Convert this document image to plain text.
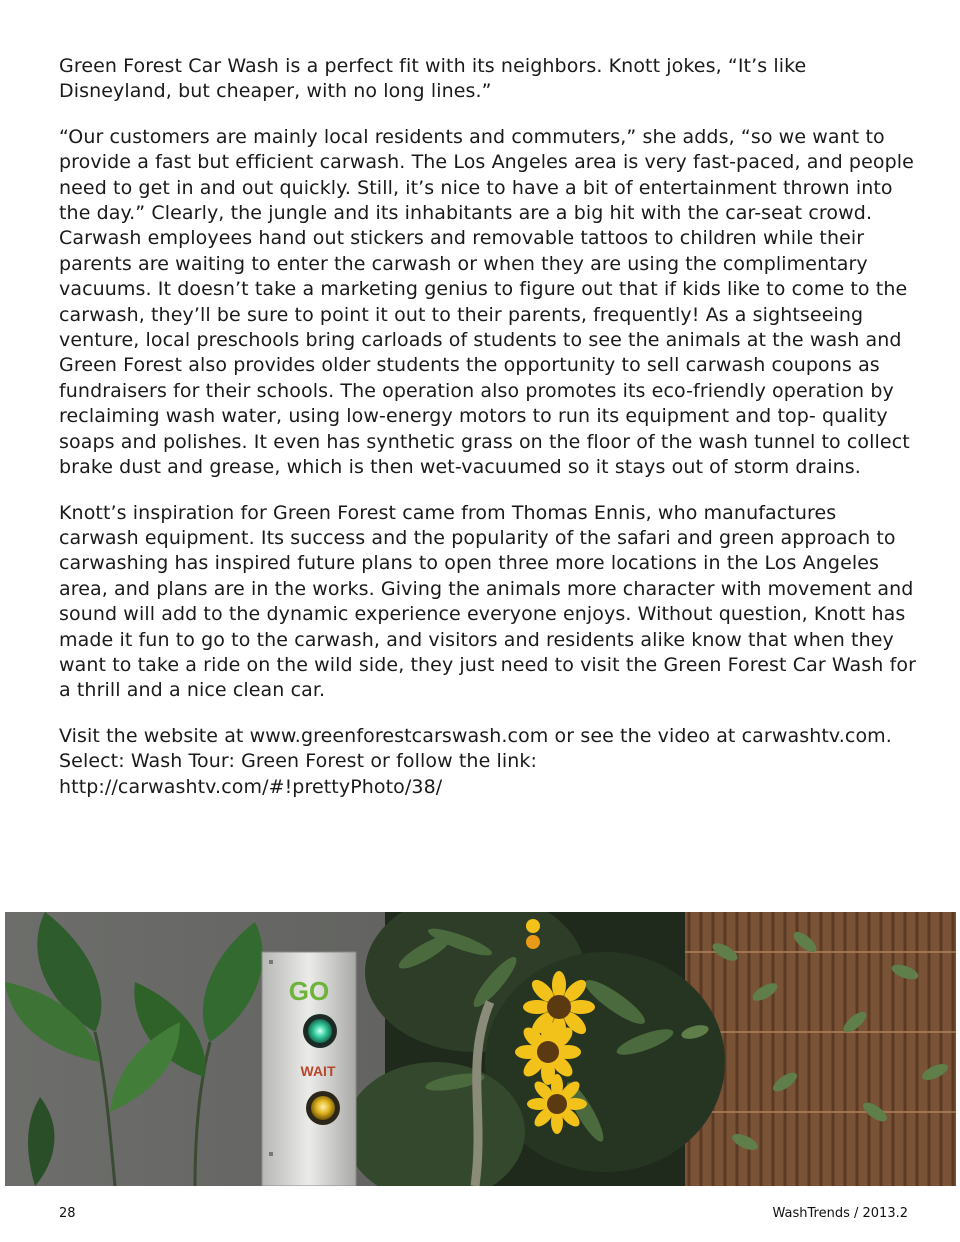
Green Forest Car Wash is a perfect fit with its neighbors. Knott jokes, “It’s like Disneyland, but cheaper, with no long lines.”

“Our customers are mainly local residents and commuters,” she adds, “so we want to provide a fast but efficient carwash. The Los Angeles area is very fast-paced, and people need to get in and out quickly. Still, it’s nice to have a bit of entertainment thrown into the day.” Clearly, the jungle and its inhabitants are a big hit with the car-seat crowd. Carwash employees hand out stickers and removable tattoos to children while their parents are waiting to enter the carwash or when they are using the complimentary vacuums. It doesn’t take a marketing genius to figure out that if kids like to come to the carwash, they’ll be sure to point it out to their parents, frequently! As a sightseeing venture, local preschools bring carloads of students to see the animals at the wash and Green Forest also provides older students the opportunity to sell carwash coupons as fundraisers for their schools. The operation also promotes its eco-friendly operation by reclaiming wash water, using low-energy motors to run its equipment and top- quality soaps and polishes. It even has synthetic grass on the floor of the wash tunnel to collect brake dust and grease, which is then wet-vacuumed so it stays out of storm drains.

Knott’s inspiration for Green Forest came from Thomas Ennis, who manufactures carwash equipment. Its success and the popularity of the safari and green approach to carwashing has inspired future plans to open three more locations in the Los Angeles area, and plans are in the works. Giving the animals more character with movement and sound will add to the dynamic experience everyone enjoys. Without question, Knott has made it fun to go to the carwash, and visitors and residents alike know that when they want to take a ride on the wild side, they just need to visit the Green Forest Car Wash for a thrill and a nice clean car.

Visit the website at www.greenforestcarswash.com or see the video at carwashtv.com. Select: Wash Tour: Green Forest or follow the link: http://carwashtv.com/#!prettyPhoto/38/

GO
WAIT
28	WashTrends / 2013.2
